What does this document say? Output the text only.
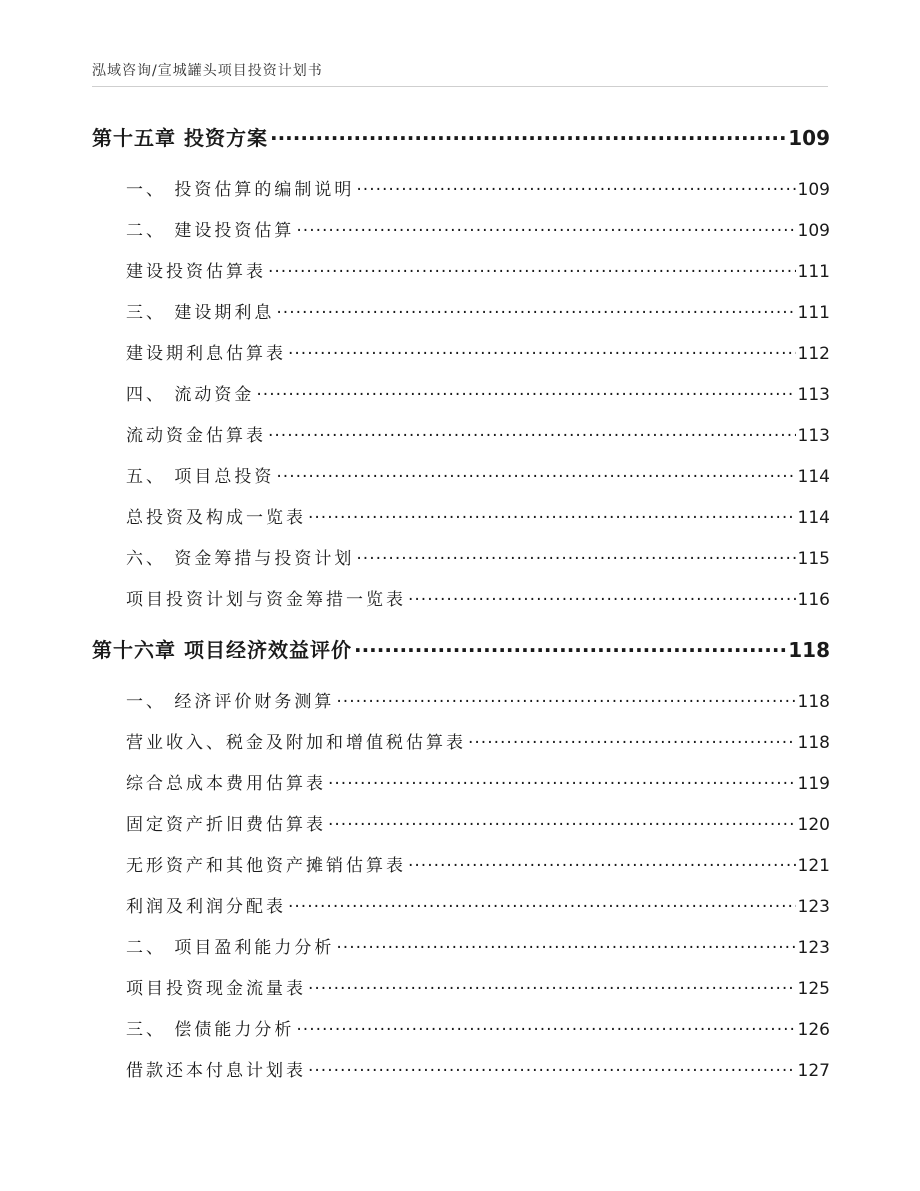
泓域咨询/宣城罐头项目投资计划书
第十五章 投资方案 .....	109
一、 投资估算的编制说明 .....	109
二、 建设投资估算 .....	109
建设投资估算表 .....	111
三、 建设期利息 .....	111
建设期利息估算表 .....	112
四、 流动资金 .....	113
流动资金估算表 .....	113
五、 项目总投资 .....	114
总投资及构成一览表 .....	114
六、 资金筹措与投资计划 .....	115
项目投资计划与资金筹措一览表 .....	116
第十六章 项目经济效益评价 .....	118
一、 经济评价财务测算 .....	118
营业收入、税金及附加和增值税估算表 .....	118
综合总成本费用估算表 .....	119
固定资产折旧费估算表 .....	120
无形资产和其他资产摊销估算表 .....	121
利润及利润分配表 .....	123
二、 项目盈利能力分析 .....	123
项目投资现金流量表 .....	125
三、 偿债能力分析 .....	126
借款还本付息计划表 .....	127
